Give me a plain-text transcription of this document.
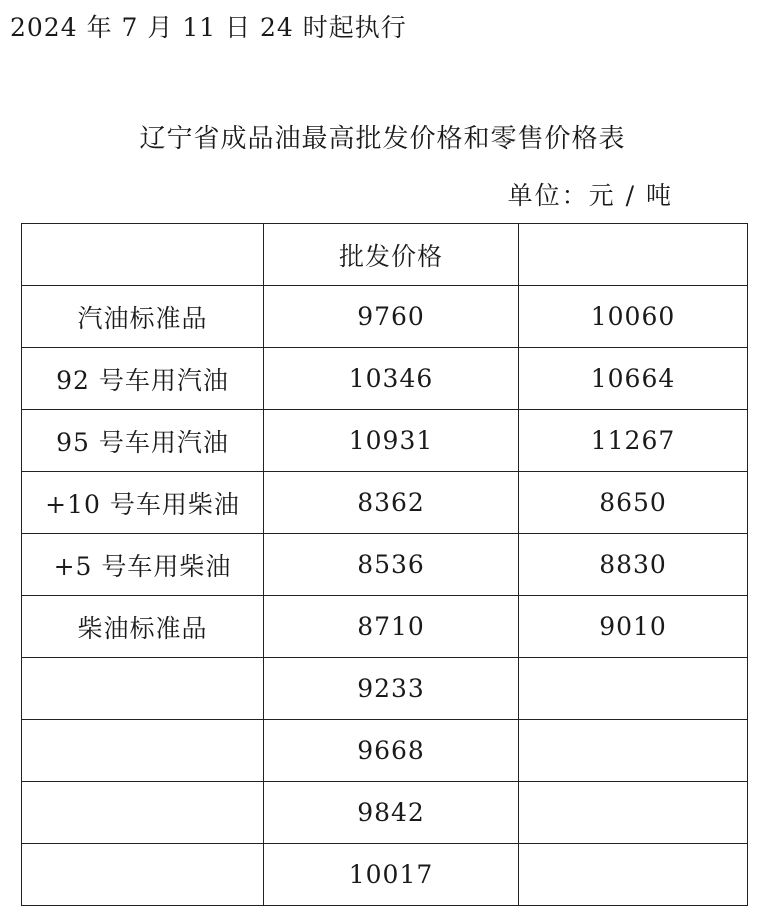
2024 年 7 月 11 日 24 时起执行
辽宁省成品油最高批发价格和零售价格表
单位：元 / 吨
	批发价格	
汽油标准品	9760	10060
92 号车用汽油	10346	10664
95 号车用汽油	10931	11267
+10 号车用柴油	8362	8650
+5 号车用柴油	8536	8830
柴油标准品	8710	9010
	9233	
	9668	
	9842	
	10017	
